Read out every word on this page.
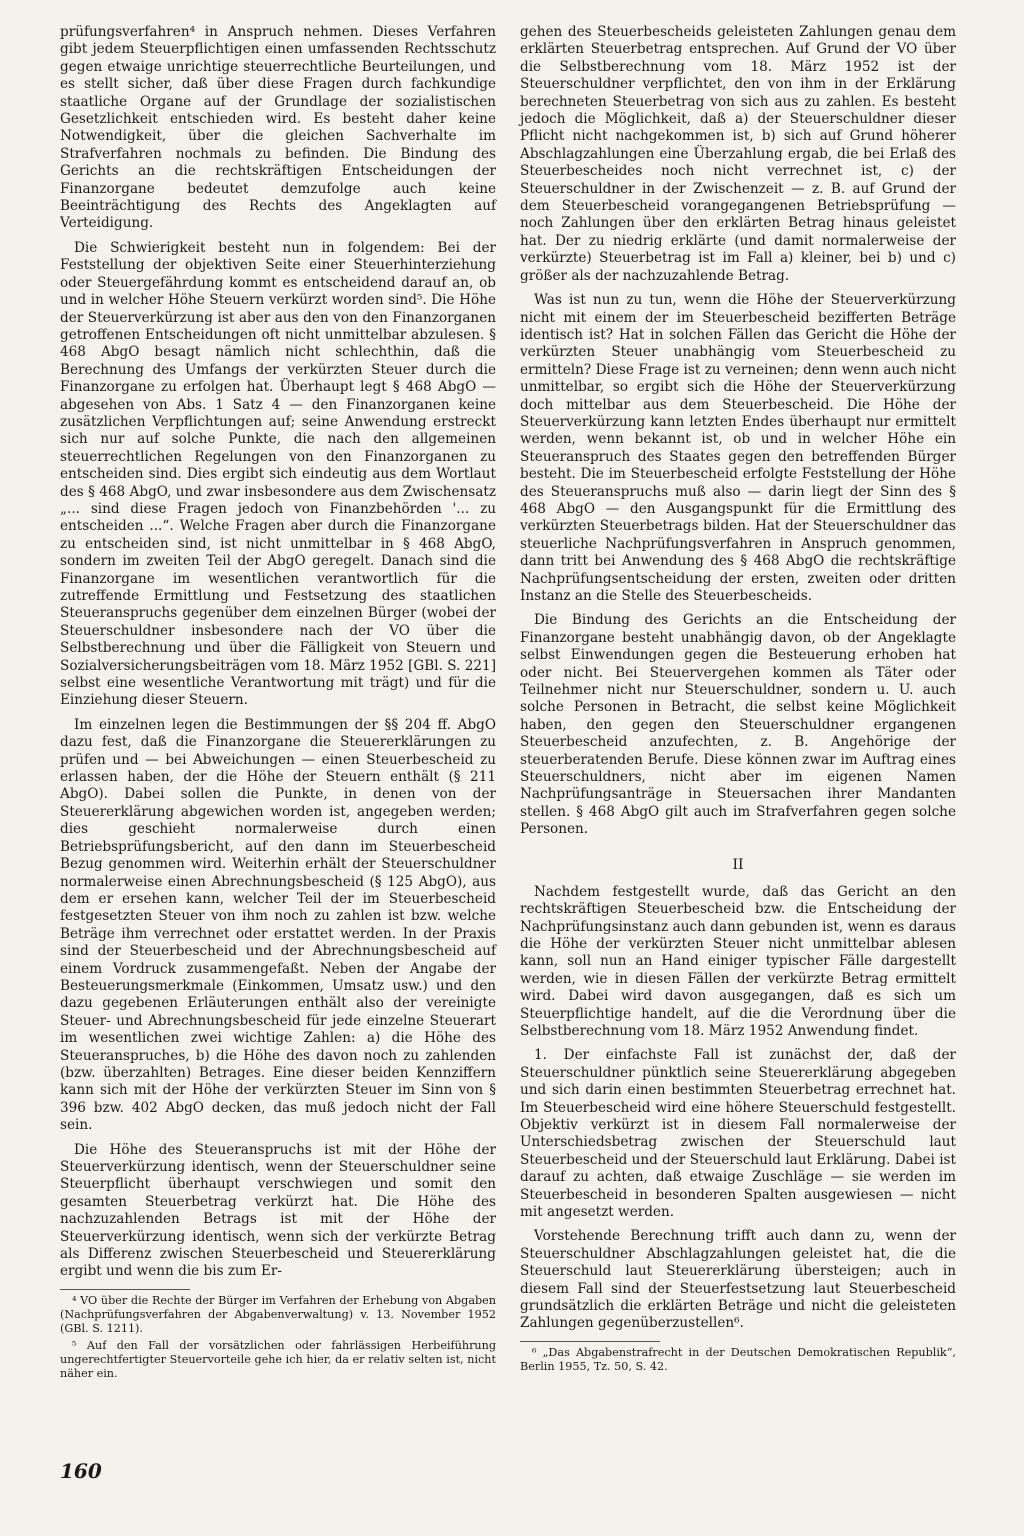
prüfungsverfahren⁴ in Anspruch nehmen. Dieses Verfahren gibt jedem Steuerpflichtigen einen umfassenden Rechtsschutz gegen etwaige unrichtige steuerrechtliche Beurteilungen, und es stellt sicher, daß über diese Fragen durch fachkundige staatliche Organe auf der Grundlage der sozialistischen Gesetzlichkeit entschieden wird. Es besteht daher keine Notwendigkeit, über die gleichen Sachverhalte im Strafverfahren nochmals zu befinden. Die Bindung des Gerichts an die rechtskräftigen Entscheidungen der Finanzorgane bedeutet demzufolge auch keine Beeinträchtigung des Rechts des Angeklagten auf Verteidigung.

Die Schwierigkeit besteht nun in folgendem: Bei der Feststellung der objektiven Seite einer Steuerhinterziehung oder Steuergefährdung kommt es entscheidend darauf an, ob und in welcher Höhe Steuern verkürzt worden sind⁵. Die Höhe der Steuerverkürzung ist aber aus den von den Finanzorganen getroffenen Entscheidungen oft nicht unmittelbar abzulesen. § 468 AbgO besagt nämlich nicht schlechthin, daß die Berechnung des Umfangs der verkürzten Steuer durch die Finanzorgane zu erfolgen hat. Überhaupt legt § 468 AbgO — abgesehen von Abs. 1 Satz 4 — den Finanzorganen keine zusätzlichen Verpflichtungen auf; seine Anwendung erstreckt sich nur auf solche Punkte, die nach den allgemeinen steuerrechtlichen Regelungen von den Finanzorganen zu entscheiden sind. Dies ergibt sich eindeutig aus dem Wortlaut des § 468 AbgO, und zwar insbesondere aus dem Zwischensatz „... sind diese Fragen jedoch von Finanzbehörden '... zu entscheiden ...“. Welche Fragen aber durch die Finanzorgane zu entscheiden sind, ist nicht unmittelbar in § 468 AbgO, sondern im zweiten Teil der AbgO geregelt. Danach sind die Finanzorgane im wesentlichen verantwortlich für die zutreffende Ermittlung und Festsetzung des staatlichen Steueranspruchs gegenüber dem einzelnen Bürger (wobei der Steuerschuldner insbesondere nach der VO über die Selbstberechnung und über die Fälligkeit von Steuern und Sozialversicherungsbeiträgen vom 18. März 1952 [GBl. S. 221] selbst eine wesentliche Verantwortung mit trägt) und für die Einziehung dieser Steuern.

Im einzelnen legen die Bestimmungen der §§ 204 ff. AbgO dazu fest, daß die Finanzorgane die Steuererklärungen zu prüfen und — bei Abweichungen — einen Steuerbescheid zu erlassen haben, der die Höhe der Steuern enthält (§ 211 AbgO). Dabei sollen die Punkte, in denen von der Steuererklärung abgewichen worden ist, angegeben werden; dies geschieht normalerweise durch einen Betriebsprüfungsbericht, auf den dann im Steuerbescheid Bezug genommen wird. Weiterhin erhält der Steuerschuldner normalerweise einen Abrechnungsbescheid (§ 125 AbgO), aus dem er ersehen kann, welcher Teil der im Steuerbescheid festgesetzten Steuer von ihm noch zu zahlen ist bzw. welche Beträge ihm verrechnet oder erstattet werden. In der Praxis sind der Steuerbescheid und der Abrechnungsbescheid auf einem Vordruck zusammengefaßt. Neben der Angabe der Besteuerungsmerkmale (Einkommen, Umsatz usw.) und den dazu gegebenen Erläuterungen enthält also der vereinigte Steuer- und Abrechnungsbescheid für jede einzelne Steuerart im wesentlichen zwei wichtige Zahlen: a) die Höhe des Steueranspruches, b) die Höhe des davon noch zu zahlenden (bzw. überzahlten) Betrages. Eine dieser beiden Kennziffern kann sich mit der Höhe der verkürzten Steuer im Sinn von § 396 bzw. 402 AbgO decken, das muß jedoch nicht der Fall sein.

Die Höhe des Steueranspruchs ist mit der Höhe der Steuerverkürzung identisch, wenn der Steuerschuldner seine Steuerpflicht überhaupt verschwiegen und somit den gesamten Steuerbetrag verkürzt hat. Die Höhe des nachzuzahlenden Betrags ist mit der Höhe der Steuerverkürzung identisch, wenn sich der verkürzte Betrag als Differenz zwischen Steuerbescheid und Steuererklärung ergibt und wenn die bis zum Er-

⁴ VO über die Rechte der Bürger im Verfahren der Erhebung von Abgaben (Nachprüfungsverfahren der Abgabenverwaltung) v. 13. November 1952 (GBl. S. 1211).

⁵ Auf den Fall der vorsätzlichen oder fahrlässigen Herbeiführung ungerechtfertigter Steuervorteile gehe ich hier, da er relativ selten ist, nicht näher ein.

gehen des Steuerbescheids geleisteten Zahlungen genau dem erklärten Steuerbetrag entsprechen. Auf Grund der VO über die Selbstberechnung vom 18. März 1952 ist der Steuerschuldner verpflichtet, den von ihm in der Erklärung berechneten Steuerbetrag von sich aus zu zahlen. Es besteht jedoch die Möglichkeit, daß a) der Steuerschuldner dieser Pflicht nicht nachgekommen ist, b) sich auf Grund höherer Abschlagzahlungen eine Überzahlung ergab, die bei Erlaß des Steuerbescheides noch nicht verrechnet ist, c) der Steuerschuldner in der Zwischenzeit — z. B. auf Grund der dem Steuerbescheid vorangegangenen Betriebsprüfung — noch Zahlungen über den erklärten Betrag hinaus geleistet hat. Der zu niedrig erklärte (und damit normalerweise der verkürzte) Steuerbetrag ist im Fall a) kleiner, bei b) und c) größer als der nachzuzahlende Betrag.

Was ist nun zu tun, wenn die Höhe der Steuerverkürzung nicht mit einem der im Steuerbescheid bezifferten Beträge identisch ist? Hat in solchen Fällen das Gericht die Höhe der verkürzten Steuer unabhängig vom Steuerbescheid zu ermitteln? Diese Frage ist zu verneinen; denn wenn auch nicht unmittelbar, so ergibt sich die Höhe der Steuerverkürzung doch mittelbar aus dem Steuerbescheid. Die Höhe der Steuerverkürzung kann letzten Endes überhaupt nur ermittelt werden, wenn bekannt ist, ob und in welcher Höhe ein Steueranspruch des Staates gegen den betreffenden Bürger besteht. Die im Steuerbescheid erfolgte Feststellung der Höhe des Steueranspruchs muß also — darin liegt der Sinn des § 468 AbgO — den Ausgangspunkt für die Ermittlung des verkürzten Steuerbetrags bilden. Hat der Steuerschuldner das steuerliche Nachprüfungsverfahren in Anspruch genommen, dann tritt bei Anwendung des § 468 AbgO die rechtskräftige Nachprüfungsentscheidung der ersten, zweiten oder dritten Instanz an die Stelle des Steuerbescheids.

Die Bindung des Gerichts an die Entscheidung der Finanzorgane besteht unabhängig davon, ob der Angeklagte selbst Einwendungen gegen die Besteuerung erhoben hat oder nicht. Bei Steuervergehen kommen als Täter oder Teilnehmer nicht nur Steuerschuldner, sondern u. U. auch solche Personen in Betracht, die selbst keine Möglichkeit haben, den gegen den Steuerschuldner ergangenen Steuerbescheid anzufechten, z. B. Angehörige der steuerberatenden Berufe. Diese können zwar im Auftrag eines Steuerschuldners, nicht aber im eigenen Namen Nachprüfungsanträge in Steuersachen ihrer Mandanten stellen. § 468 AbgO gilt auch im Strafverfahren gegen solche Personen.

II

Nachdem festgestellt wurde, daß das Gericht an den rechtskräftigen Steuerbescheid bzw. die Entscheidung der Nachprüfungsinstanz auch dann gebunden ist, wenn es daraus die Höhe der verkürzten Steuer nicht unmittelbar ablesen kann, soll nun an Hand einiger typischer Fälle dargestellt werden, wie in diesen Fällen der verkürzte Betrag ermittelt wird. Dabei wird davon ausgegangen, daß es sich um Steuerpflichtige handelt, auf die die Verordnung über die Selbstberechnung vom 18. März 1952 Anwendung findet.

1. Der einfachste Fall ist zunächst der, daß der Steuerschuldner pünktlich seine Steuererklärung abgegeben und sich darin einen bestimmten Steuerbetrag errechnet hat. Im Steuerbescheid wird eine höhere Steuerschuld festgestellt. Objektiv verkürzt ist in diesem Fall normalerweise der Unterschiedsbetrag zwischen der Steuerschuld laut Steuerbescheid und der Steuerschuld laut Erklärung. Dabei ist darauf zu achten, daß etwaige Zuschläge — sie werden im Steuerbescheid in besonderen Spalten ausgewiesen — nicht mit angesetzt werden.

Vorstehende Berechnung trifft auch dann zu, wenn der Steuerschuldner Abschlagzahlungen geleistet hat, die die Steuerschuld laut Steuererklärung übersteigen; auch in diesem Fall sind der Steuerfestsetzung laut Steuerbescheid grundsätzlich die erklärten Beträge und nicht die geleisteten Zahlungen gegenüberzustellen⁶.

⁶ „Das Abgabenstrafrecht in der Deutschen Demokratischen Republik“, Berlin 1955, Tz. 50, S. 42.

160
